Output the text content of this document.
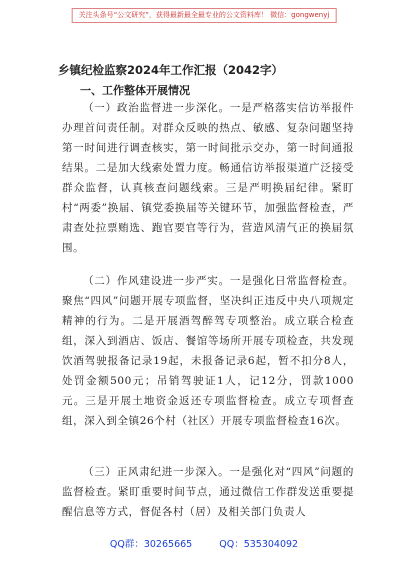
关注头条号“公文研究”，获得最新最全最专业的公文资料库！ 微信：gongwenyj
乡镇纪检监察2024年工作汇报（2042字）
一、工作整体开展情况

（一）政治监督进一步深化。一是严格落实信访举报件办理首问责任制。对群众反映的热点、敏感、复杂问题坚持第一时间进行调查核实，第一时间批示交办，第一时间通报结果。二是加大线索处置力度。畅通信访举报渠道广泛接受群众监督，认真核查问题线索。三是严明换届纪律。紧盯村“两委”换届、镇党委换届等关键环节，加强监督检查，严肃查处拉票贿选、跑官要官等行为，营造风清气正的换届氛围。

（二）作风建设进一步严实。一是强化日常监督检查。聚焦“四风”问题开展专项监督，坚决纠正违反中央八项规定精神的行为。二是开展酒驾醉驾专项整治。成立联合检查组，深入到酒店、饭店、餐馆等场所开展专项检查，共发现饮酒驾驶报备记录19起，未报备记录6起，暂不扣分8人，处罚金额500元；吊销驾驶证1人，记12分，罚款1000元。三是开展土地资金返还专项监督检查。成立专项督查组，深入到全镇26个村（社区）开展专项监督检查16次。

（三）正风肃纪进一步深入。一是强化对“四风”问题的监督检查。紧盯重要时间节点，通过微信工作群发送重要提醒信息等方式，督促各村（居）及相关部门负责人

QQ群：30265665	QQ：535304092
